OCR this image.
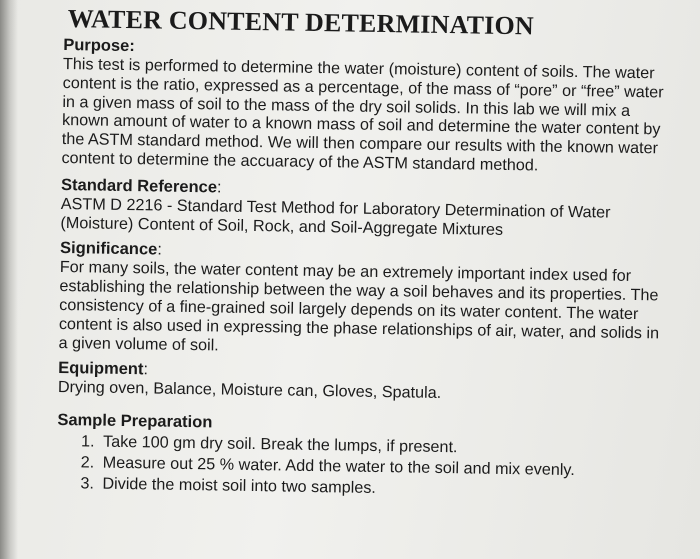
WATER CONTENT DETERMINATION
Purpose:

This test is performed to determine the water (moisture) content of soils. The water content is the ratio, expressed as a percentage, of the mass of “pore” or “free” water in a given mass of soil to the mass of the dry soil solids. In this lab we will mix a known amount of water to a known mass of soil and determine the water content by the ASTM standard method. We will then compare our results with the known water content to determine the accuaracy of the ASTM standard method.

Standard Reference:

ASTM D 2216 - Standard Test Method for Laboratory Determination of Water (Moisture) Content of Soil, Rock, and Soil-Aggregate Mixtures

Significance:

For many soils, the water content may be an extremely important index used for establishing the relationship between the way a soil behaves and its properties. The consistency of a fine-grained soil largely depends on its water content. The water content is also used in expressing the phase relationships of air, water, and solids in a given volume of soil.

Equipment:

Drying oven, Balance, Moisture can, Gloves, Spatula.

Sample Preparation
1. Take 100 gm dry soil. Break the lumps, if present.
2. Measure out 25 % water. Add the water to the soil and mix evenly.
3. Divide the moist soil into two samples.
